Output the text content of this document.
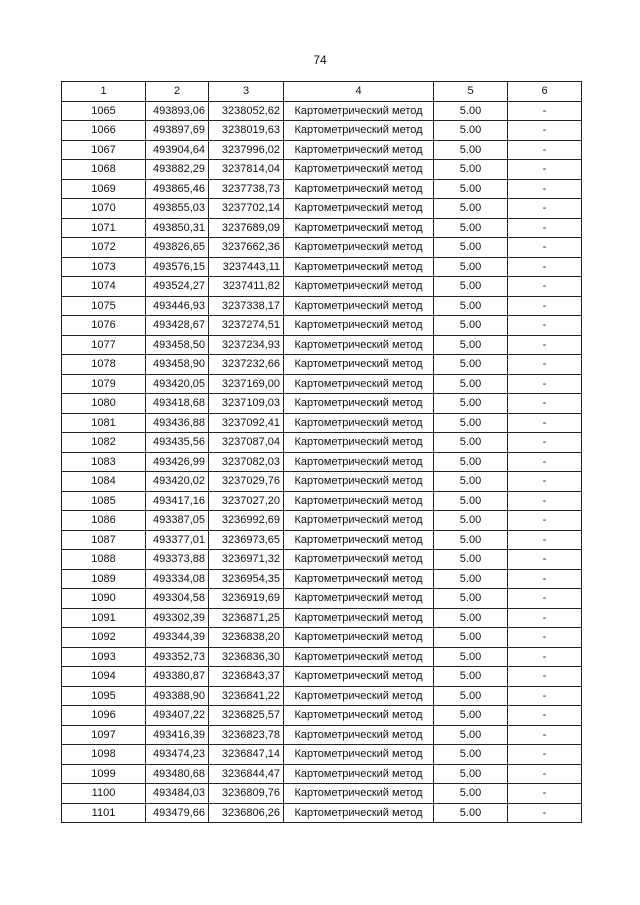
74
1	2	3	4	5	6
1065	493893,06	3238052,62	Картометрический метод	5.00	-
1066	493897,69	3238019,63	Картометрический метод	5.00	-
1067	493904,64	3237996,02	Картометрический метод	5.00	-
1068	493882,29	3237814,04	Картометрический метод	5.00	-
1069	493865,46	3237738,73	Картометрический метод	5.00	-
1070	493855,03	3237702,14	Картометрический метод	5.00	-
1071	493850,31	3237689,09	Картометрический метод	5.00	-
1072	493826,65	3237662,36	Картометрический метод	5.00	-
1073	493576,15	3237443,11	Картометрический метод	5.00	-
1074	493524,27	3237411,82	Картометрический метод	5.00	-
1075	493446,93	3237338,17	Картометрический метод	5.00	-
1076	493428,67	3237274,51	Картометрический метод	5.00	-
1077	493458,50	3237234,93	Картометрический метод	5.00	-
1078	493458,90	3237232,66	Картометрический метод	5.00	-
1079	493420,05	3237169,00	Картометрический метод	5.00	-
1080	493418,68	3237109,03	Картометрический метод	5.00	-
1081	493436,88	3237092,41	Картометрический метод	5.00	-
1082	493435,56	3237087,04	Картометрический метод	5.00	-
1083	493426,99	3237082,03	Картометрический метод	5.00	-
1084	493420,02	3237029,76	Картометрический метод	5.00	-
1085	493417,16	3237027,20	Картометрический метод	5.00	-
1086	493387,05	3236992,69	Картометрический метод	5.00	-
1087	493377,01	3236973,65	Картометрический метод	5.00	-
1088	493373,88	3236971,32	Картометрический метод	5.00	-
1089	493334,08	3236954,35	Картометрический метод	5.00	-
1090	493304,58	3236919,69	Картометрический метод	5.00	-
1091	493302,39	3236871,25	Картометрический метод	5.00	-
1092	493344,39	3236838,20	Картометрический метод	5.00	-
1093	493352,73	3236836,30	Картометрический метод	5.00	-
1094	493380,87	3236843,37	Картометрический метод	5.00	-
1095	493388,90	3236841,22	Картометрический метод	5.00	-
1096	493407,22	3236825,57	Картометрический метод	5.00	-
1097	493416,39	3236823,78	Картометрический метод	5.00	-
1098	493474,23	3236847,14	Картометрический метод	5.00	-
1099	493480,68	3236844,47	Картометрический метод	5.00	-
1100	493484,03	3236809,76	Картометрический метод	5.00	-
1101	493479,66	3236806,26	Картометрический метод	5.00	-
